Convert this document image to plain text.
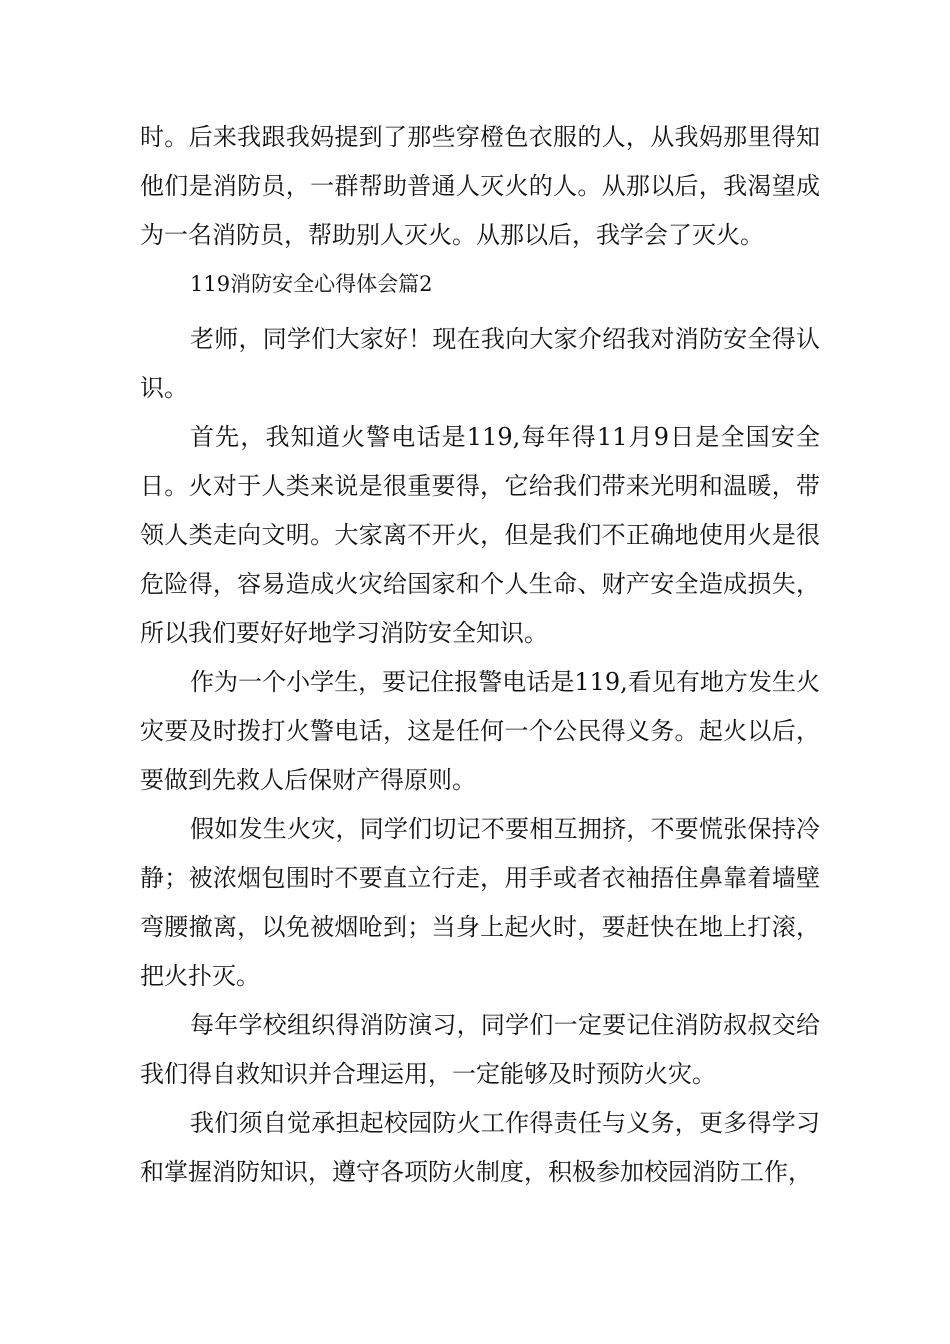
时。后来我跟我妈提到了那些穿橙色衣服的人，从我妈那里得知他们是消防员，一群帮助普通人灭火的人。从那以后，我渴望成为一名消防员，帮助别人灭火。从那以后，我学会了灭火。

119消防安全心得体会篇2

老师，同学们大家好！现在我向大家介绍我对消防安全得认识。

首先，我知道火警电话是119,每年得11月9日是全国安全日。火对于人类来说是很重要得，它给我们带来光明和温暖，带领人类走向文明。大家离不开火，但是我们不正确地使用火是很危险得，容易造成火灾给国家和个人生命、财产安全造成损失，所以我们要好好地学习消防安全知识。

作为一个小学生，要记住报警电话是119,看见有地方发生火灾要及时拨打火警电话，这是任何一个公民得义务。起火以后，要做到先救人后保财产得原则。

假如发生火灾，同学们切记不要相互拥挤，不要慌张保持冷静；被浓烟包围时不要直立行走，用手或者衣袖捂住鼻靠着墙壁弯腰撤离，以免被烟呛到；当身上起火时，要赶快在地上打滚，把火扑灭。

每年学校组织得消防演习，同学们一定要记住消防叔叔交给我们得自救知识并合理运用，一定能够及时预防火灾。

我们须自觉承担起校园防火工作得责任与义务，更多得学习和掌握消防知识，遵守各项防火制度，积极参加校园消防工作，
